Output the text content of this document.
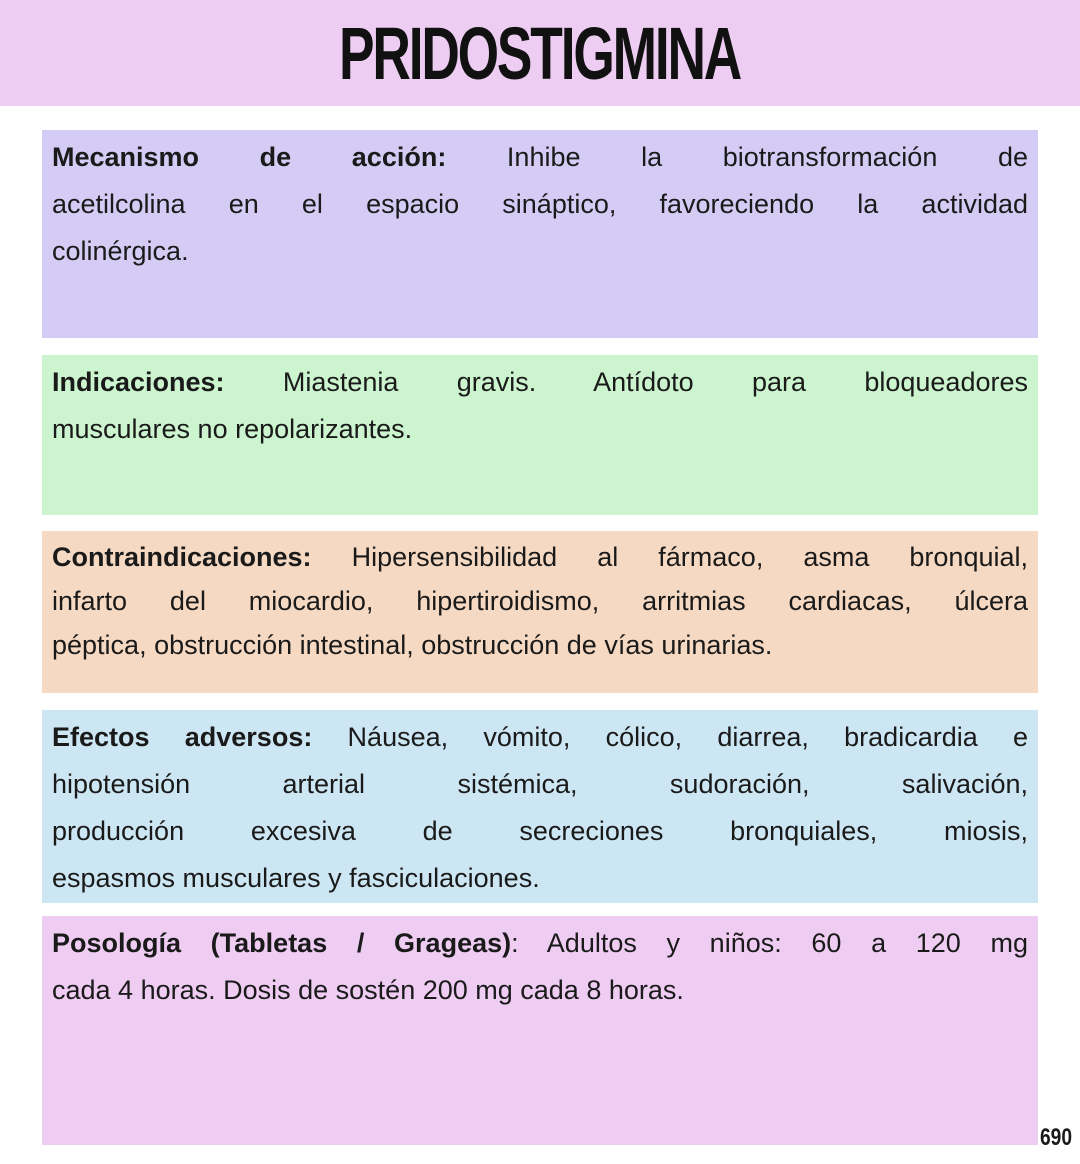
PRIDOSTIGMINA
Mecanismo de acción: Inhibe la biotransformación de
acetilcolina en el espacio sináptico, favoreciendo la actividad
colinérgica.
Indicaciones: Miastenia gravis. Antídoto para bloqueadores
musculares no repolarizantes.
Contraindicaciones: Hipersensibilidad al fármaco, asma bronquial,
infarto del miocardio, hipertiroidismo, arritmias cardiacas, úlcera
péptica, obstrucción intestinal, obstrucción de vías urinarias.
Efectos adversos: Náusea, vómito, cólico, diarrea, bradicardia e
hipotensión arterial sistémica, sudoración, salivación,
producción excesiva de secreciones bronquiales, miosis,
espasmos musculares y fasciculaciones.
Posología (Tabletas / Grageas): Adultos y niños: 60 a 120 mg
cada 4 horas. Dosis de sostén 200 mg cada 8 horas.
690
